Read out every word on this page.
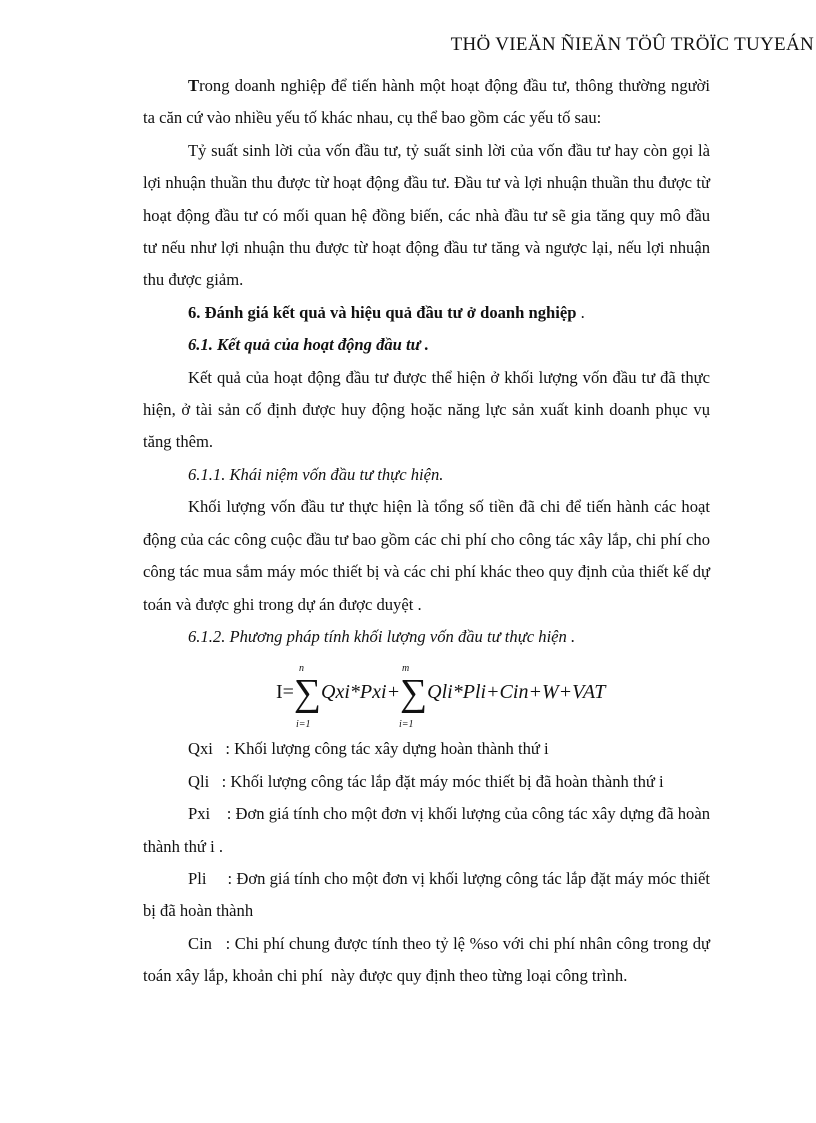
THÖ VIEÄN ÑIEÄN TÖÛ TRÖÏC TUYEÁN

Trong doanh nghiệp để tiến hành một hoạt động đầu tư, thông thường người ta căn cứ vào nhiều yếu tố khác nhau, cụ thể bao gồm các yếu tố sau:

Tỷ suất sinh lời của vốn đầu tư, tỷ suất sinh lời của vốn đầu tư hay còn gọi là lợi nhuận thuần thu được từ hoạt động đầu tư. Đầu tư và lợi nhuận thuần thu được từ hoạt động đầu tư có mối quan hệ đồng biến, các nhà đầu tư sẽ gia tăng quy mô đầu tư nếu như lợi nhuận thu được từ hoạt động đầu tư tăng và ngược lại, nếu lợi nhuận thu được giảm.

6. Đánh giá kết quả và hiệu quả đầu tư ở doanh nghiệp .

6.1. Kết quả của hoạt động đầu tư .

Kết quả của hoạt động đầu tư được thể hiện ở khối lượng vốn đầu tư đã thực hiện, ở tài sản cố định được huy động hoặc năng lực sản xuất kinh doanh phục vụ tăng thêm.

6.1.1. Khái niệm vốn đầu tư thực hiện.

Khối lượng vốn đầu tư thực hiện là tổng số tiền đã chi để tiến hành các hoạt động của các công cuộc đầu tư bao gồm các chi phí cho công tác xây lắp, chi phí cho công tác mua sắm máy móc thiết bị và các chi phí khác theo quy định của thiết kế dự toán và được ghi trong dự án được duyệt .

6.1.2. Phương pháp tính khối lượng vốn đầu tư thực hiện .

I=∑Qxi*Pxi+∑Qli*Pli+Cin+W+VAT
n
i=1
m
i=1

Qxi   : Khối lượng công tác xây dựng hoàn thành thứ i

Qli   : Khối lượng công tác lắp đặt máy móc thiết bị đã hoàn thành thứ i

Pxi    : Đơn giá tính cho một đơn vị khối lượng của công tác xây dựng đã hoàn thành thứ i .

Pli     : Đơn giá tính cho một đơn vị khối lượng công tác lắp đặt máy móc thiết bị đã hoàn thành

Cin   : Chi phí chung được tính theo tỷ lệ %so với chi phí nhân công trong dự toán xây lắp, khoản chi phí  này được quy định theo từng loại công trình.
